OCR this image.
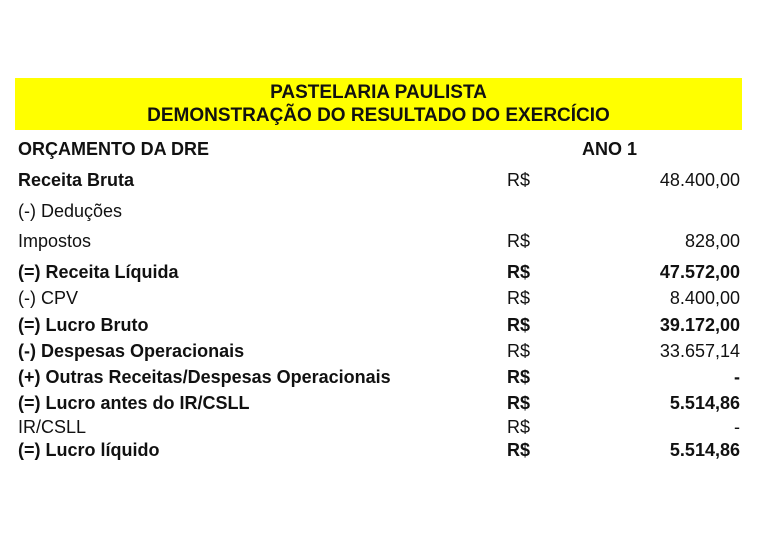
PASTELARIA PAULISTA
DEMONSTRAÇÃO DO RESULTADO DO EXERCÍCIO
ORÇAMENTO DA DRE	ANO 1
Receita Bruta	R$	48.400,00
(-) Deduções
Impostos	R$	828,00
(=) Receita Líquida	R$	47.572,00
(-) CPV	R$	8.400,00
(=) Lucro Bruto	R$	39.172,00
(-) Despesas Operacionais	R$	33.657,14
(+) Outras Receitas/Despesas Operacionais	R$	-
(=) Lucro antes do IR/CSLL	R$	5.514,86
IR/CSLL	R$	-
(=) Lucro líquido	R$	5.514,86
